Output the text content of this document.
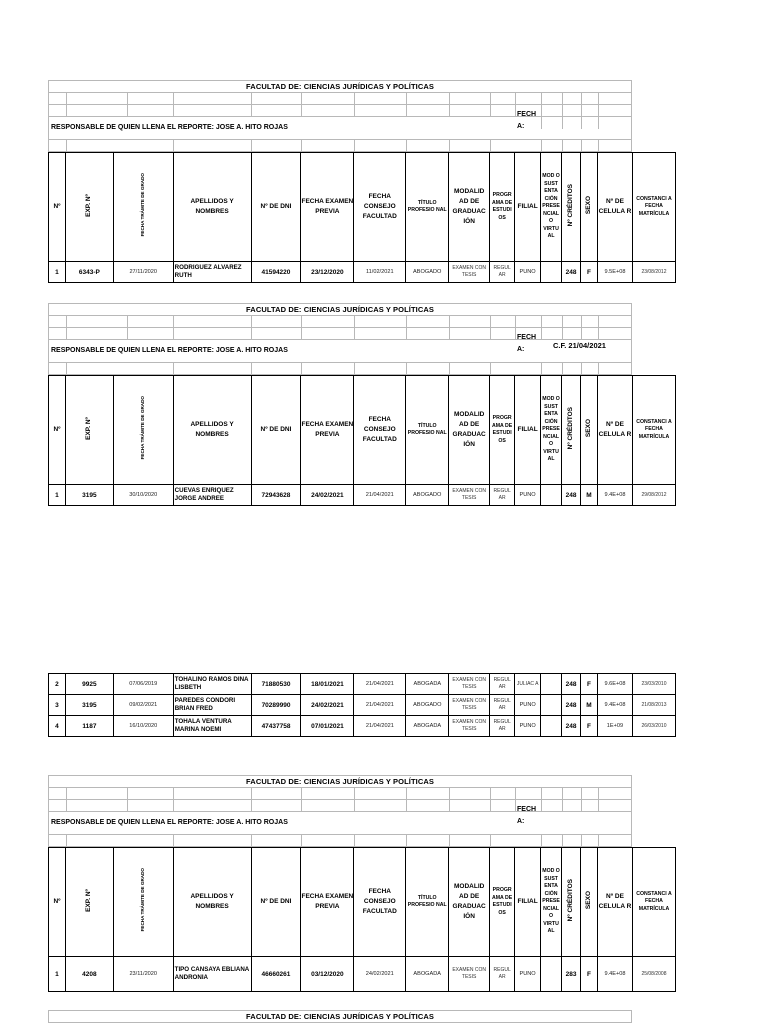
FACULTAD DE: CIENCIAS JURÍDICAS Y POLÍTICAS
RESPONSABLE DE QUIEN LLENA EL REPORTE: JOSE A. HITO ROJAS
FECH A:
Nº	EXP. Nº	FECHA TRÁMITE DE GRADO	APELLIDOS Y NOMBRES	Nº DE DNI	FECHA EXAMEN PREVIA	FECHA CONSEJO FACULTAD	TÍTULO PROFESIO NAL	MODALID AD DE GRADUAC IÓN	PROGR AMA DE ESTUDI OS	FILIAL	MOD O SUST ENTA CIÓN PRESE NCIAL O VIRTU AL	Nº CRÉDITOS	SEXO	Nº DE CELULA R	CONSTANCI A FECHA MATRÍCULA
1	6343-P	27/11/2020	RODRIGUEZ ALVAREZ RUTH	41594220	23/12/2020	11/02/2021	ABOGADO	EXAMEN CON TESIS	REGUL AR	PUNO		248	F	9.5E+08	23/08/2012
FACULTAD DE: CIENCIAS JURÍDICAS Y POLÍTICAS
RESPONSABLE DE QUIEN LLENA EL REPORTE: JOSE A. HITO ROJAS
FECH A:	C.F. 21/04/2021
Nº	EXP. Nº	FECHA TRÁMITE DE GRADO	APELLIDOS Y NOMBRES	Nº DE DNI	FECHA EXAMEN PREVIA	FECHA CONSEJO FACULTAD	TÍTULO PROFESIO NAL	MODALID AD DE GRADUAC IÓN	PROGR AMA DE ESTUDI OS	FILIAL	MOD O SUST ENTA CIÓN PRESE NCIAL O VIRTU AL	Nº CRÉDITOS	SEXO	Nº DE CELULA R	CONSTANCI A FECHA MATRÍCULA
1	3195	30/10/2020	CUEVAS ENRIQUEZ JORGE ANDREE	72943628	24/02/2021	21/04/2021	ABOGADO	EXAMEN CON TESIS	REGUL AR	PUNO		248	M	9.4E+08	29/08/2012
2	9925	07/06/2019	TOHALINO RAMOS DINA LISBETH	71880530	18/01/2021	21/04/2021	ABOGADA	EXAMEN CON TESIS	REGUL AR	JULIAC A		248	F	9.6E+08	23/03/2010
3	3195	09/02/2021	PAREDES CONDORI BRIAN FRED	70289990	24/02/2021	21/04/2021	ABOGADO	EXAMEN CON TESIS	REGUL AR	PUNO		248	M	9.4E+08	21/08/2013
4	1187	16/10/2020	TOHALA VENTURA MARINA NOEMI	47437758	07/01/2021	21/04/2021	ABOGADA	EXAMEN CON TESIS	REGUL AR	PUNO		248	F	1E+09	26/03/2010
FACULTAD DE: CIENCIAS JURÍDICAS Y POLÍTICAS
RESPONSABLE DE QUIEN LLENA EL REPORTE: JOSE A. HITO ROJAS
FECH A:
Nº	EXP. Nº	FECHA TRÁMITE DE GRADO	APELLIDOS Y NOMBRES	Nº DE DNI	FECHA EXAMEN PREVIA	FECHA CONSEJO FACULTAD	TÍTULO PROFESIO NAL	MODALID AD DE GRADUAC IÓN	PROGR AMA DE ESTUDI OS	FILIAL	MOD O SUST ENTA CIÓN PRESE NCIAL O VIRTU AL	Nº CRÉDITOS	SEXO	Nº DE CELULA R	CONSTANCI A FECHA MATRÍCULA
1	4208	23/11/2020	TIPO CANSAYA EBLIANA ANDRONIA	46660261	03/12/2020	24/02/2021	ABOGADA	EXAMEN CON TESIS	REGUL AR	PUNO		283	F	9.4E+08	25/08/2008
FACULTAD DE: CIENCIAS JURÍDICAS Y POLÍTICAS
